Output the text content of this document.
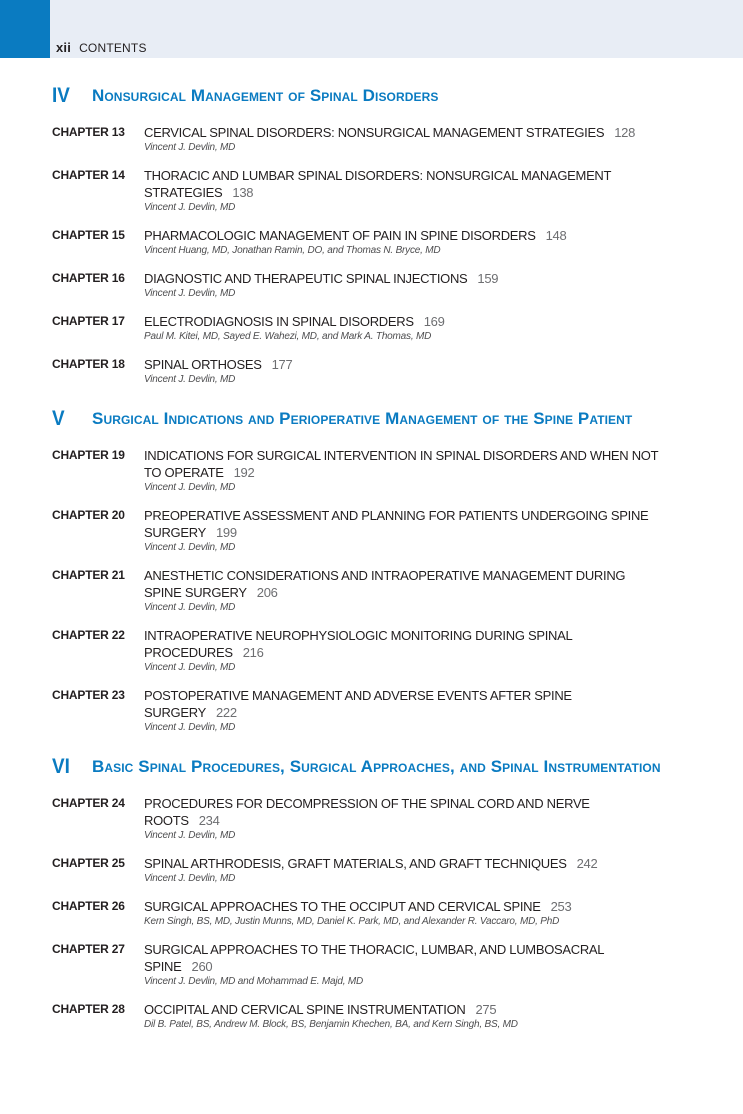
xii CONTENTS
IV Nonsurgical Management of Spinal Disorders
CHAPTER 13 CERVICAL SPINAL DISORDERS: NONSURGICAL MANAGEMENT STRATEGIES 128
Vincent J. Devlin, MD
CHAPTER 14 THORACIC AND LUMBAR SPINAL DISORDERS: NONSURGICAL MANAGEMENT STRATEGIES 138
Vincent J. Devlin, MD
CHAPTER 15 PHARMACOLOGIC MANAGEMENT OF PAIN IN SPINE DISORDERS 148
Vincent Huang, MD, Jonathan Ramin, DO, and Thomas N. Bryce, MD
CHAPTER 16 DIAGNOSTIC AND THERAPEUTIC SPINAL INJECTIONS 159
Vincent J. Devlin, MD
CHAPTER 17 ELECTRODIAGNOSIS IN SPINAL DISORDERS 169
Paul M. Kitei, MD, Sayed E. Wahezi, MD, and Mark A. Thomas, MD
CHAPTER 18 SPINAL ORTHOSES 177
Vincent J. Devlin, MD
V Surgical Indications and Perioperative Management of the Spine Patient
CHAPTER 19 INDICATIONS FOR SURGICAL INTERVENTION IN SPINAL DISORDERS AND WHEN NOT TO OPERATE 192
Vincent J. Devlin, MD
CHAPTER 20 PREOPERATIVE ASSESSMENT AND PLANNING FOR PATIENTS UNDERGOING SPINE SURGERY 199
Vincent J. Devlin, MD
CHAPTER 21 ANESTHETIC CONSIDERATIONS AND INTRAOPERATIVE MANAGEMENT DURING SPINE SURGERY 206
Vincent J. Devlin, MD
CHAPTER 22 INTRAOPERATIVE NEUROPHYSIOLOGIC MONITORING DURING SPINAL PROCEDURES 216
Vincent J. Devlin, MD
CHAPTER 23 POSTOPERATIVE MANAGEMENT AND ADVERSE EVENTS AFTER SPINE SURGERY 222
Vincent J. Devlin, MD
VI Basic Spinal Procedures, Surgical Approaches, and Spinal Instrumentation
CHAPTER 24 PROCEDURES FOR DECOMPRESSION OF THE SPINAL CORD AND NERVE ROOTS 234
Vincent J. Devlin, MD
CHAPTER 25 SPINAL ARTHRODESIS, GRAFT MATERIALS, AND GRAFT TECHNIQUES 242
Vincent J. Devlin, MD
CHAPTER 26 SURGICAL APPROACHES TO THE OCCIPUT AND CERVICAL SPINE 253
Kern Singh, BS, MD, Justin Munns, MD, Daniel K. Park, MD, and Alexander R. Vaccaro, MD, PhD
CHAPTER 27 SURGICAL APPROACHES TO THE THORACIC, LUMBAR, AND LUMBOSACRAL SPINE 260
Vincent J. Devlin, MD and Mohammad E. Majd, MD
CHAPTER 28 OCCIPITAL AND CERVICAL SPINE INSTRUMENTATION 275
Dil B. Patel, BS, Andrew M. Block, BS, Benjamin Khechen, BA, and Kern Singh, BS, MD
